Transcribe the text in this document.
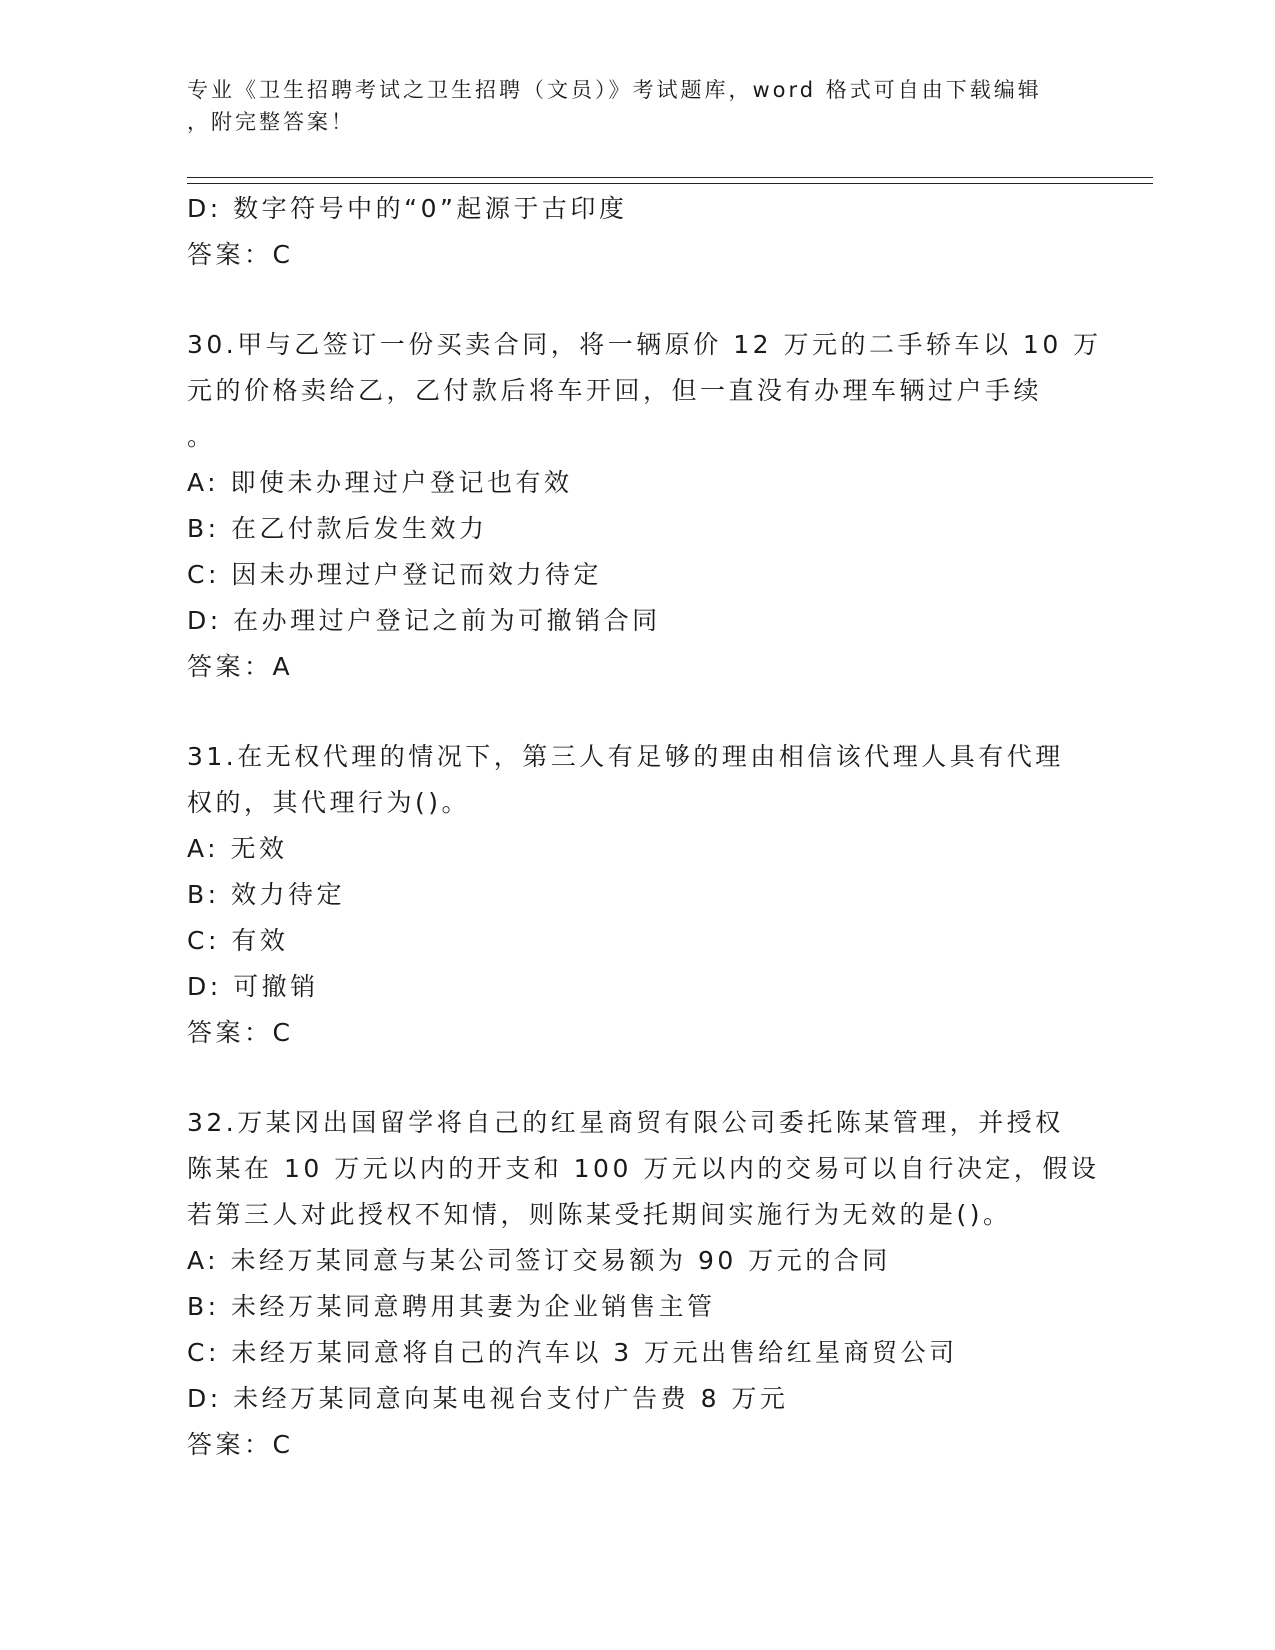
专业《卫生招聘考试之卫生招聘（文员）》考试题库，word 格式可自由下载编辑
，附完整答案！
D: 数字符号中的“0”起源于古印度
答案：C
30.甲与乙签订一份买卖合同，将一辆原价 12 万元的二手轿车以 10 万
元的价格卖给乙，乙付款后将车开回，但一直没有办理车辆过户手续
。
A: 即使未办理过户登记也有效
B: 在乙付款后发生效力
C: 因未办理过户登记而效力待定
D: 在办理过户登记之前为可撤销合同
答案：A
31.在无权代理的情况下，第三人有足够的理由相信该代理人具有代理
权的，其代理行为()。
A: 无效
B: 效力待定
C: 有效
D: 可撤销
答案：C
32.万某冈出国留学将自己的红星商贸有限公司委托陈某管理，并授权
陈某在 10 万元以内的开支和 100 万元以内的交易可以自行决定，假设
若第三人对此授权不知情，则陈某受托期间实施行为无效的是()。
A: 未经万某同意与某公司签订交易额为 90 万元的合同
B: 未经万某同意聘用其妻为企业销售主管
C: 未经万某同意将自己的汽车以 3 万元出售给红星商贸公司
D: 未经万某同意向某电视台支付广告费 8 万元
答案：C
